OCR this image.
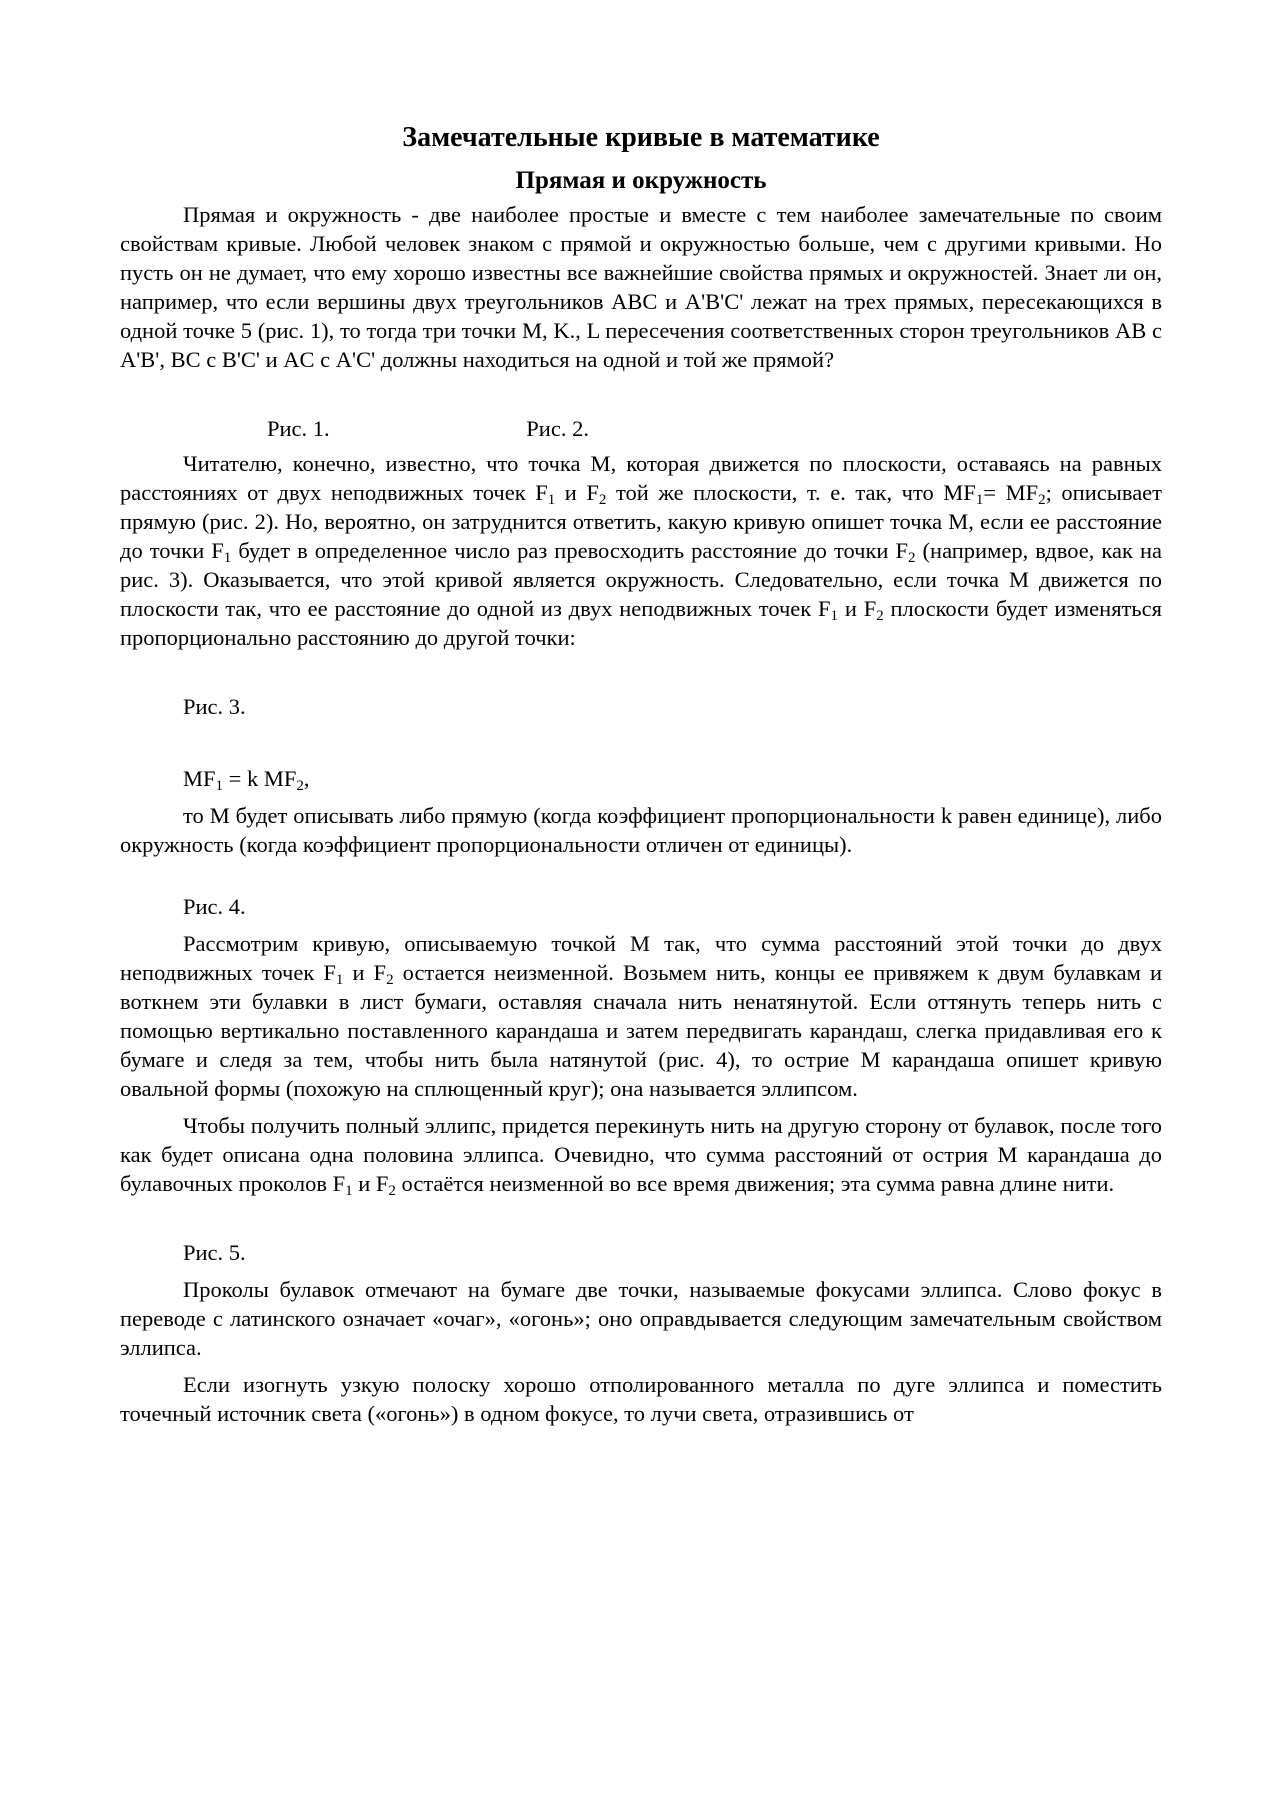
Замечательные кривые в математике
Прямая и окружность

Прямая и окружность - две наиболее простые и вместе с тем наиболее замечательные по своим свойствам кривые. Любой человек знаком с прямой и окружностью больше, чем с другими кривыми. Но пусть он не думает, что ему хорошо известны все важнейшие свойства прямых и окружностей. Знает ли он, например, что если вершины двух треугольников ABC и A'B'C' лежат на трех прямых, пересекающихся в одной точке 5 (рис. 1), то тогда три точки M, K., L пересечения соответственных сторон треугольников AB с A'B', BC с B'C' и AC с A'C' должны находиться на одной и той же прямой?

Рис. 1.	Рис. 2.

Читателю, конечно, известно, что точка М, которая движется по плоскости, оставаясь на равных расстояниях от двух неподвижных точек $F_1$ и $F_2$ той же плоскости, т. е. так, что $MF_1= MF_2$; описывает прямую (рис. 2). Но, вероятно, он затруднится ответить, какую кривую опишет точка М, если ее расстояние до точки $F_1$ будет в определенное число раз превосходить расстояние до точки $F_2$ (например, вдвое, как на рис. 3). Оказывается, что этой кривой является окружность. Следовательно, если точка М движется по плоскости так, что ее расстояние до одной из двух неподвижных точек $F_1$ и $F_2$ плоскости будет изменяться пропорционально расстоянию до другой точки:

Рис. 3.
$MF_1 = k$ $MF_2$,

то М будет описывать либо прямую (когда коэффициент пропорциональности k равен единице), либо окружность (когда коэффициент пропорциональности отличен от единицы).

Рис. 4.

Рассмотрим кривую, описываемую точкой М так, что сумма расстояний этой точки до двух неподвижных точек $F_1$ и $F_2$ остается неизменной. Возьмем нить, концы ее привяжем к двум булавкам и воткнем эти булавки в лист бумаги, оставляя сначала нить ненатянутой. Если оттянуть теперь нить с помощью вертикально поставленного карандаша и затем передвигать карандаш, слегка придавливая его к бумаге и следя за тем, чтобы нить была натянутой (рис. 4), то острие М карандаша опишет кривую овальной формы (похожую на сплющенный круг); она называется эллипсом.

Чтобы получить полный эллипс, придется перекинуть нить на другую сторону от булавок, после того как будет описана одна половина эллипса. Очевидно, что сумма расстояний от острия М карандаша до булавочных проколов $F_1$ и $F_2$ остаётся неизменной во все время движения; эта сумма равна длине нити.

Рис. 5.

Проколы булавок отмечают на бумаге две точки, называемые фокусами эллипса. Слово фокус в переводе с латинского означает «очаг», «огонь»; оно оправдывается следующим замечательным свойством эллипса.

Если изогнуть узкую полоску хорошо отполированного металла по дуге эллипса и поместить точечный источник света («огонь») в одном фокусе, то лучи света, отразившись от
